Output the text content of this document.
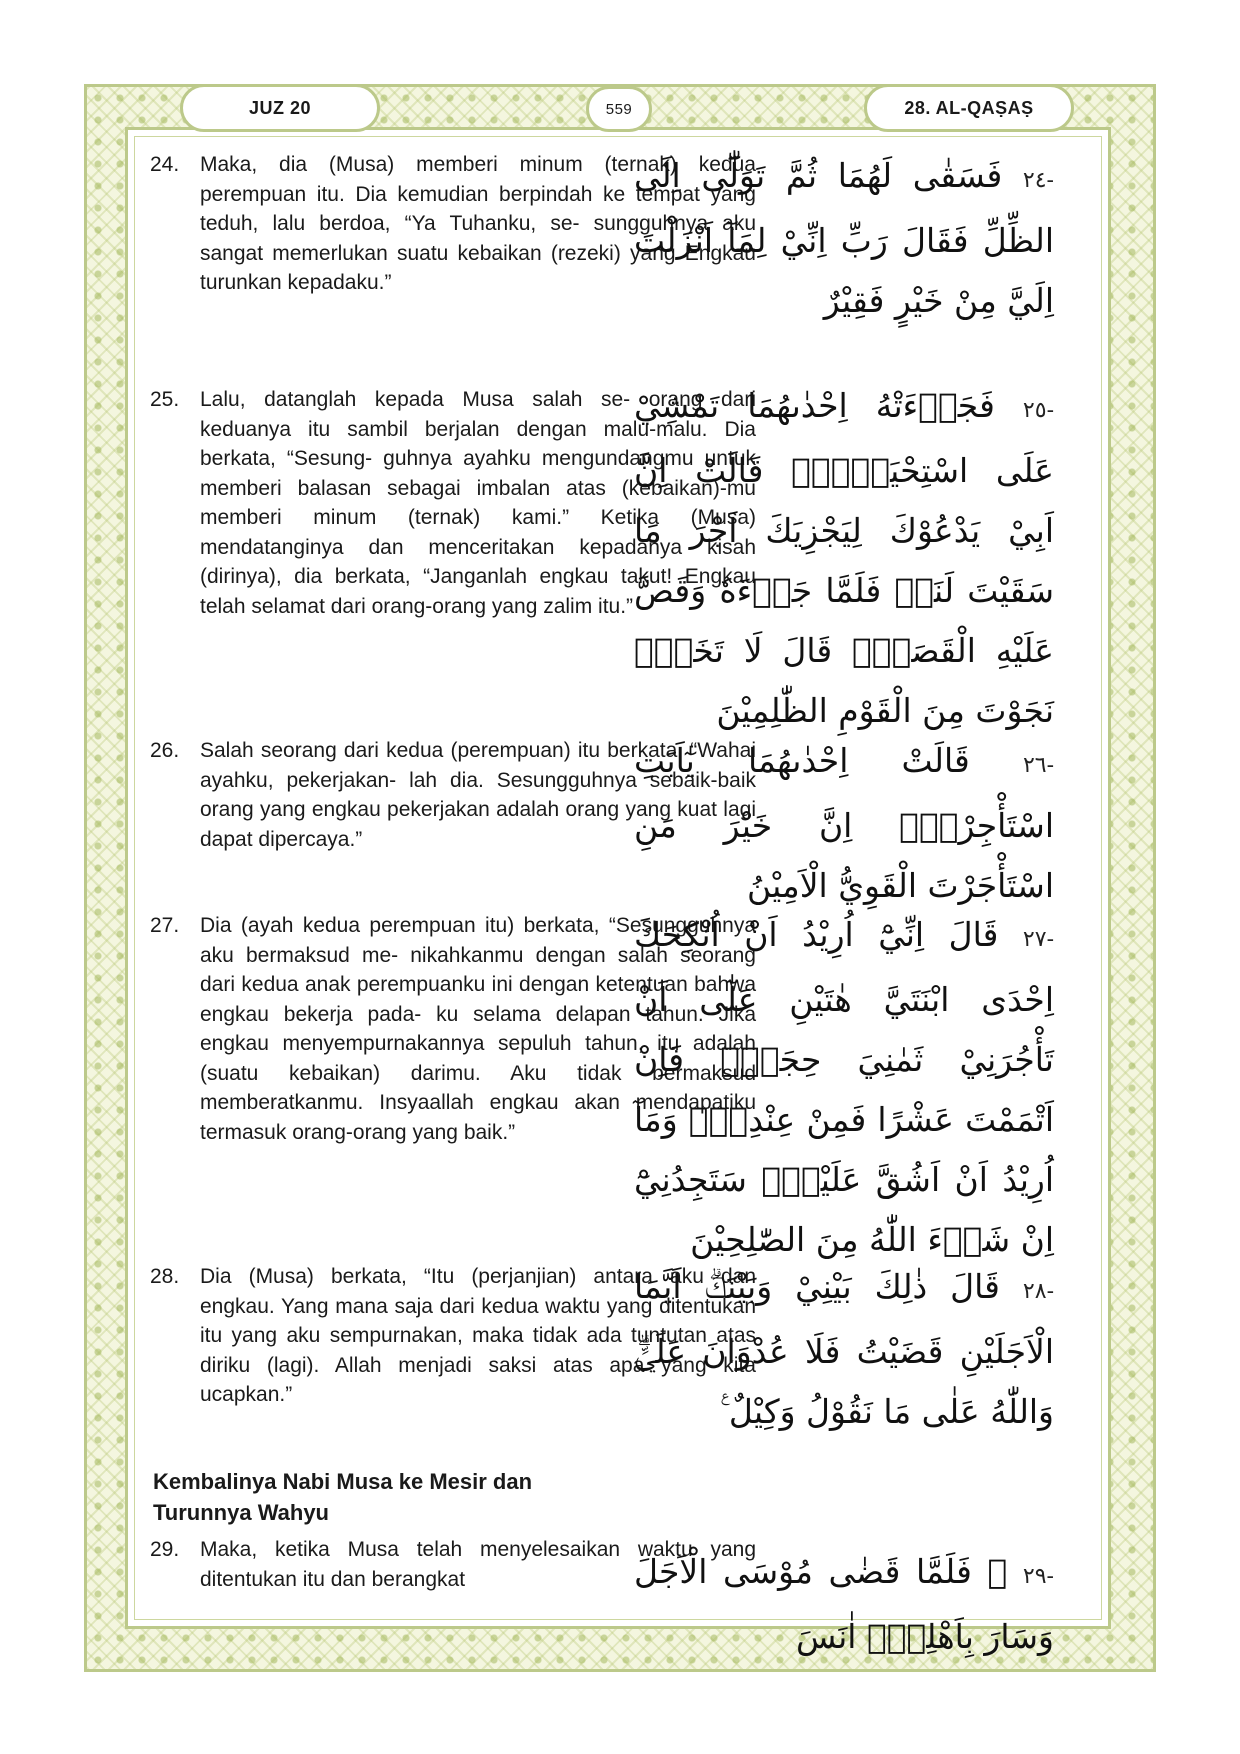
JUZ 20	559	28. AL-QAṢAṢ
24. Maka, dia (Musa) memberi minum (ternak) kedua perempuan itu. Dia kemudian berpindah ke tempat yang teduh, lalu berdoa, “Ya Tuhanku, se- sungguhnya aku sangat memerlukan suatu kebaikan (rezeki) yang Engkau turunkan kepadaku.”
-٢٤ فَسَقٰى لَهُمَا ثُمَّ تَوَلّٰٓى اِلَى الظِّلِّ فَقَالَ رَبِّ اِنِّيْ لِمَآ اَنْزَلْتَ اِلَيَّ مِنْ خَيْرٍ فَقِيْرٌ
25. Lalu, datanglah kepada Musa salah se- orang dari keduanya itu sambil berjalan dengan malu-malu. Dia berkata, “Sesung- guhnya ayahku mengundangmu untuk memberi balasan sebagai imbalan atas (kebaikan)-mu memberi minum (ternak) kami.” Ketika (Musa) mendatanginya dan menceritakan kepadanya kisah (dirinya), dia berkata, “Janganlah engkau takut! Engkau telah selamat dari orang-orang yang zalim itu.”
-٢٥ فَجَاۤءَتْهُ اِحْدٰىهُمَا تَمْشِيْ عَلَى اسْتِحْيَاۤءٍۖ قَالَتْ اِنَّ اَبِيْ يَدْعُوْكَ لِيَجْزِيَكَ اَجْرَ مَا سَقَيْتَ لَنَاۗ فَلَمَّا جَاۤءَهٗ وَقَصَّ عَلَيْهِ الْقَصَصَۙ قَالَ لَا تَخَفْۗ نَجَوْتَ مِنَ الْقَوْمِ الظّٰلِمِيْنَ
26. Salah seorang dari kedua (perempuan) itu berkata, “Wahai ayahku, pekerjakan- lah dia. Sesungguhnya sebaik-baik orang yang engkau pekerjakan adalah orang yang kuat lagi dapat dipercaya.”
-٢٦ قَالَتْ اِحْدٰىهُمَا يٰٓاَبَتِ اسْتَأْجِرْهُۖ اِنَّ خَيْرَ مَنِ اسْتَأْجَرْتَ الْقَوِيُّ الْاَمِيْنُ
27. Dia (ayah kedua perempuan itu) berkata, “Sesungguhnya aku bermaksud me- nikahkanmu dengan salah seorang dari kedua anak perempuanku ini dengan ketentuan bahwa engkau bekerja pada- ku selama delapan tahun. Jika engkau menyempurnakannya sepuluh tahun, itu adalah (suatu kebaikan) darimu. Aku tidak bermaksud memberatkanmu. Insyaallah engkau akan mendapatiku termasuk orang-orang yang baik.”
-٢٧ قَالَ اِنِّيْٓ اُرِيْدُ اَنْ اُنْكِحَكَ اِحْدَى ابْنَتَيَّ هٰتَيْنِ عَلٰٓى اَنْ تَأْجُرَنِيْ ثَمٰنِيَ حِجَجٍۚ فَاِنْ اَتْمَمْتَ عَشْرًا فَمِنْ عِنْدِكَۚ وَمَآ اُرِيْدُ اَنْ اَشُقَّ عَلَيْكَۗ سَتَجِدُنِيْٓ اِنْ شَاۤءَ اللّٰهُ مِنَ الصّٰلِحِيْنَ
28. Dia (Musa) berkata, “Itu (perjanjian) antara aku dan engkau. Yang mana saja dari kedua waktu yang ditentukan itu yang aku sempurnakan, maka tidak ada tuntutan atas diriku (lagi). Allah menjadi saksi atas apa yang kita ucapkan.”
-٢٨ قَالَ ذٰلِكَ بَيْنِيْ وَبَيْنَكَۗ اَيَّمَا الْاَجَلَيْنِ قَضَيْتُ فَلَا عُدْوَانَ عَلَيَّۗ وَاللّٰهُ عَلٰى مَا نَقُوْلُ وَكِيْلٌ ࣖ
Kembalinya Nabi Musa ke Mesir dan Turunnya Wahyu
29. Maka, ketika Musa telah menyelesaikan waktu yang ditentukan itu dan berangkat	-٢٩ ۞ فَلَمَّا قَضٰى مُوْسَى الْاَجَلَ وَسَارَ بِاَهْلِهٖٓ اٰنَسَ
